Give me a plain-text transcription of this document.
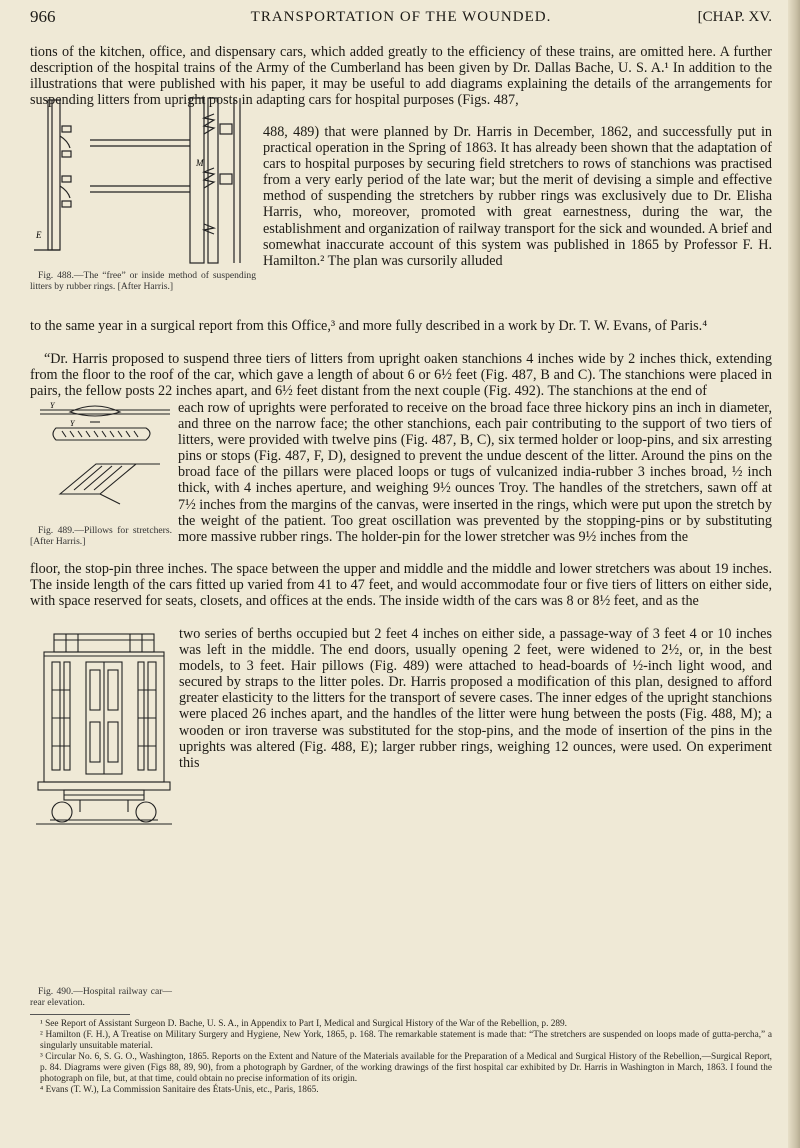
966	TRANSPORTATION OF THE WOUNDED.	[CHAP. XV.
tions of the kitchen, office, and dispensary cars, which added greatly to the efficiency of these trains, are omitted here. A further description of the hospital trains of the Army of the Cumberland has been given by Dr. Dallas Bache, U. S. A.¹ In addition to the illustrations that were published with his paper, it may be useful to add diagrams explaining the details of the arrangements for suspending litters from upright posts in adapting cars for hospital purposes (Figs. 487,
M
E
488, 489) that were planned by Dr. Harris in December, 1862, and successfully put in practical operation in the Spring of 1863. It has already been shown that the adaptation of cars to hospital purposes by securing field stretchers to rows of stanchions was practised from a very early period of the late war; but the merit of devising a simple and effective method of suspending the stretchers by rubber rings was exclusively due to Dr. Elisha Harris, who, moreover, promoted with great earnestness, during the war, the establishment and organization of railway transport for the sick and wounded. A brief and somewhat inaccurate account of this system was published in 1865 by Professor F. H. Hamilton.² The plan was cursorily alluded
Fig. 488.—The “free” or inside method of suspending litters by rubber rings. [After Harris.]
to the same year in a surgical report from this Office,³ and more fully described in a work by Dr. T. W. Evans, of Paris.⁴
“Dr. Harris proposed to suspend three tiers of litters from upright oaken stanchions 4 inches wide by 2 inches thick, extending from the floor to the roof of the car, which gave a length of about 6 or 6½ feet (Fig. 487, B and C). The stanchions were placed in pairs, the fellow posts 22 inches apart, and 6½ feet distant from the next couple (Fig. 492). The stanchions at the end of
Y
Y
each row of uprights were perforated to receive on the broad face three hickory pins an inch in diameter, and three on the narrow face; the other stanchions, each pair contributing to the support of two tiers of litters, were provided with twelve pins (Fig. 487, B, C), six termed holder or loop-pins, and six arresting pins or stops (Fig. 487, F, D), designed to prevent the undue descent of the litter. Around the pins on the broad face of the pillars were placed loops or tugs of vulcanized india-rubber 3 inches broad, ½ inch thick, with 4 inches aperture, and weighing 9½ ounces Troy. The handles of the stretchers, sawn off at 7½ inches from the margins of the canvas, were inserted in the rings, which were put upon the stretch by the weight of the patient. Too great oscillation was prevented by the stopping-pins or by substituting more massive rubber rings. The holder-pin for the lower stretcher was 9½ inches from the
Fig. 489.—Pillows for stretchers. [After Harris.]
floor, the stop-pin three inches. The space between the upper and middle and the middle and lower stretchers was about 19 inches. The inside length of the cars fitted up varied from 41 to 47 feet, and would accommodate four or five tiers of litters on either side, with space reserved for seats, closets, and offices at the ends. The inside width of the cars was 8 or 8½ feet, and as the
two series of berths occupied but 2 feet 4 inches on either side, a passage-way of 3 feet 4 or 10 inches was left in the middle. The end doors, usually opening 2 feet, were widened to 2½, or, in the best models, to 3 feet. Hair pillows (Fig. 489) were attached to head-boards of ½-inch light wood, and secured by straps to the litter poles. Dr. Harris proposed a modification of this plan, designed to afford greater elasticity to the litters for the transport of severe cases. The inner edges of the upright stanchions were placed 26 inches apart, and the handles of the litter were hung between the posts (Fig. 488, M); a wooden or iron traverse was substituted for the stop-pins, and the mode of insertion of the pins in the uprights was altered (Fig. 488, E); larger rubber rings, weighing 12 ounces, were used. On experiment this
Fig. 490.—Hospital railway car—rear elevation.
¹ See Report of Assistant Surgeon D. Bache, U. S. A., in Appendix to Part I, Medical and Surgical History of the War of the Rebellion, p. 289.
² Hamilton (F. H.), A Treatise on Military Surgery and Hygiene, New York, 1865, p. 168. The remarkable statement is made that: “The stretchers are suspended on loops made of gutta-percha,” a singularly unsuitable material.
³ Circular No. 6, S. G. O., Washington, 1865. Reports on the Extent and Nature of the Materials available for the Preparation of a Medical and Surgical History of the Rebellion,—Surgical Report, p. 84. Diagrams were given (Figs 88, 89, 90), from a photograph by Gardner, of the working drawings of the first hospital car exhibited by Dr. Harris in Washington in March, 1863. I found the photograph on file, but, at that time, could obtain no precise information of its origin.
⁴ Evans (T. W.), La Commission Sanitaire des États-Unis, etc., Paris, 1865.
